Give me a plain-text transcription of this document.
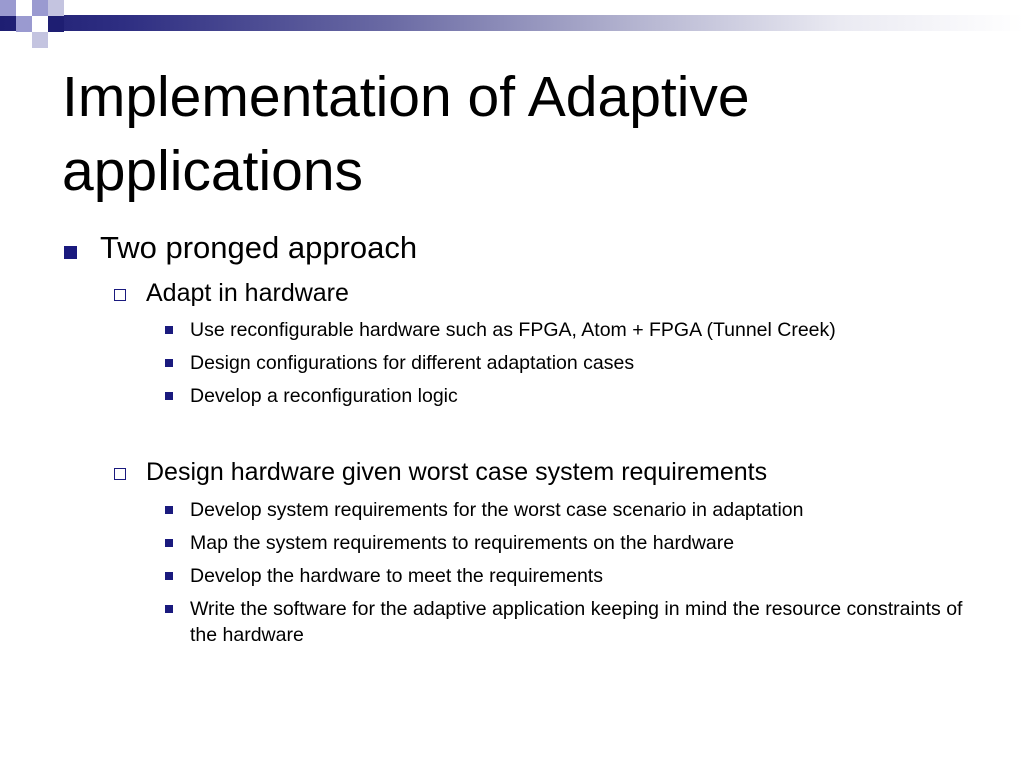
Implementation of Adaptive applications
Two pronged approach
Adapt in hardware
Use reconfigurable hardware such as FPGA, Atom + FPGA (Tunnel Creek)
Design configurations for different adaptation cases
Develop a reconfiguration logic
Design hardware given worst case system requirements
Develop system requirements for the worst case scenario in adaptation
Map the system requirements to requirements on the hardware
Develop the hardware to meet the requirements
Write the software for the adaptive application keeping in mind the resource constraints of the hardware
